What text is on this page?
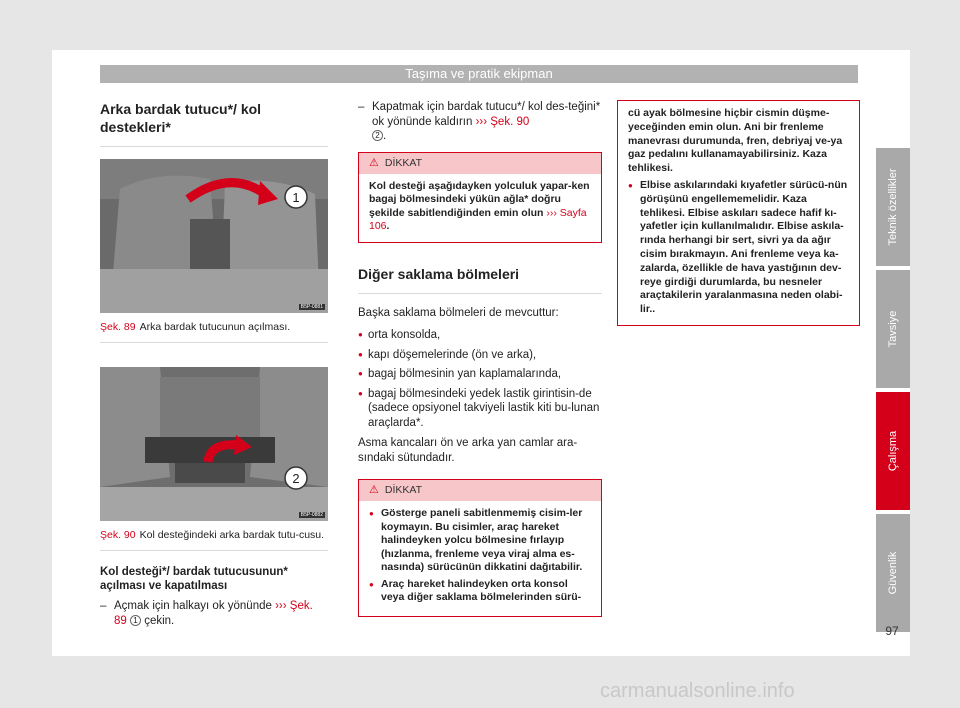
Taşıma ve pratik ekipman
Arka bardak tutucu*/ kol destekleri*
1
B5P-0881
Şek. 89 Arka bardak tutucunun açılması.
2
B5P-0882
Şek. 90 Kol desteğindeki arka bardak tutu-cusu.
Kol desteği*/ bardak tutucusunun* açılması ve kapatılması
– Açmak için halkayı ok yönünde ››› Şek. 89 1 çekin.
– Kapatmak için bardak tutucu*/ kol des-teğini* ok yönünde kaldırın ››› Şek. 90
2 .
⚠ DİKKAT
Kol desteği aşağıdayken yolculuk yapar-ken bagaj bölmesindeki yükün ağla* doğru şekilde sabitlendiğinden emin olun ››› Sayfa 106.
Diğer saklama bölmeleri
Başka saklama bölmeleri de mevcuttur:
● orta konsolda,
● kapı döşemelerinde (ön ve arka),
● bagaj bölmesinin yan kaplamalarında,
● bagaj bölmesindeki yedek lastik girintisin-de (sadece opsiyonel takviyeli lastik kiti bu-lunan araçlarda*.
Asma kancaları ön ve arka yan camlar ara-sındaki sütundadır.
⚠ DİKKAT
● Gösterge paneli sabitlenmemiş cisim-ler koymayın. Bu cisimler, araç hareket halindeyken yolcu bölmesine fırlayıp (hızlanma, frenleme veya viraj alma es-nasında) sürücünün dikkatini dağıtabilir.
● Araç hareket halindeyken orta konsol veya diğer saklama bölmelerinden sürü-
cü ayak bölmesine hiçbir cismin düşme-yeceğinden emin olun. Ani bir frenleme manevrası durumunda, fren, debriyaj ve-ya gaz pedalını kullanamayabilirsiniz. Kaza tehlikesi.
● Elbise askılarındaki kıyafetler sürücü-nün görüşünü engellememelidir. Kaza tehlikesi. Elbise askıları sadece hafif kı-yafetler için kullanılmalıdır. Elbise askıla-rında herhangi bir sert, sivri ya da ağır cisim bırakmayın. Ani frenleme veya ka-zalarda, özellikle de hava yastığının dev-reye girdiği durumlarda, bu nesneler araçtakilerin yaralanmasına neden olabi-lir..
Teknik özellikler
Tavsiye
Çalışma
Güvenlik
97
carmanualsonline.info
